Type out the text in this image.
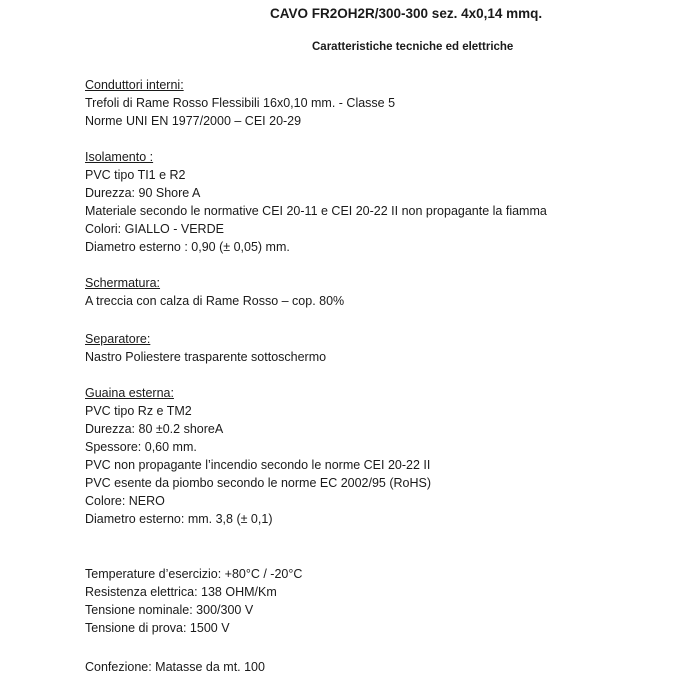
CAVO FR2OH2R/300-300 sez. 4x0,14 mmq.
Caratteristiche tecniche ed elettriche
Conduttori interni:
Trefoli di Rame Rosso Flessibili 16x0,10 mm. - Classe 5
Norme UNI EN 1977/2000 – CEI 20-29
Isolamento :
PVC tipo TI1 e R2
Durezza: 90 Shore A
Materiale secondo le normative CEI 20-11 e CEI 20-22 II non propagante la fiamma
Colori: GIALLO - VERDE
Diametro esterno : 0,90 (± 0,05) mm.
Schermatura:
A treccia con calza di Rame Rosso – cop. 80%
Separatore:
Nastro Poliestere trasparente sottoschermo
Guaina esterna:
PVC tipo Rz e TM2
Durezza: 80 ±0.2 shoreA
Spessore: 0,60 mm.
PVC non propagante l’incendio secondo le norme CEI 20-22 II
PVC esente da piombo secondo le norme EC 2002/95 (RoHS)
Colore: NERO
Diametro esterno: mm. 3,8 (± 0,1)
Temperature d’esercizio: +80°C / -20°C
Resistenza elettrica: 138 OHM/Km
Tensione nominale: 300/300 V
Tensione di prova: 1500 V
Confezione: Matasse da mt. 100
